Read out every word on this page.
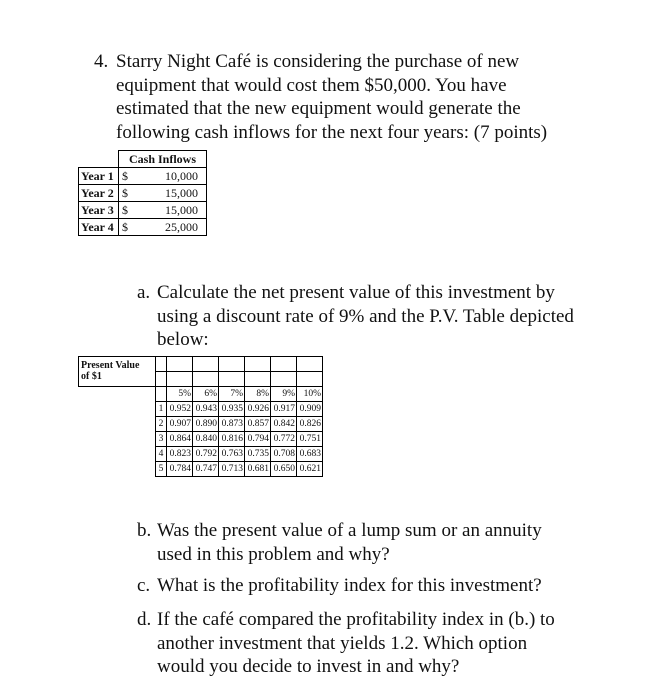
4. Starry Night Café is considering the purchase of new
equipment that would cost them $50,000. You have
estimated that the new equipment would generate the
following cash inflows for the next four years: (7 points)
	Cash Inflows	
Year 1	$	10,000
Year 2	$	15,000
Year 3	$	15,000
Year 4	$	25,000
a. Calculate the net present value of this investment by
using a discount rate of 9% and the P.V. Table depicted
below:
Present Value
of $1							

		5%	6%	7%	8%	9%	10%
	1	0.952	0.943	0.935	0.926	0.917	0.909
	2	0.907	0.890	0.873	0.857	0.842	0.826
	3	0.864	0.840	0.816	0.794	0.772	0.751
	4	0.823	0.792	0.763	0.735	0.708	0.683
	5	0.784	0.747	0.713	0.681	0.650	0.621
b. Was the present value of a lump sum or an annuity
used in this problem and why?
c. What is the profitability index for this investment?
d. If the café compared the profitability index in (b.) to
another investment that yields 1.2. Which option
would you decide to invest in and why?
